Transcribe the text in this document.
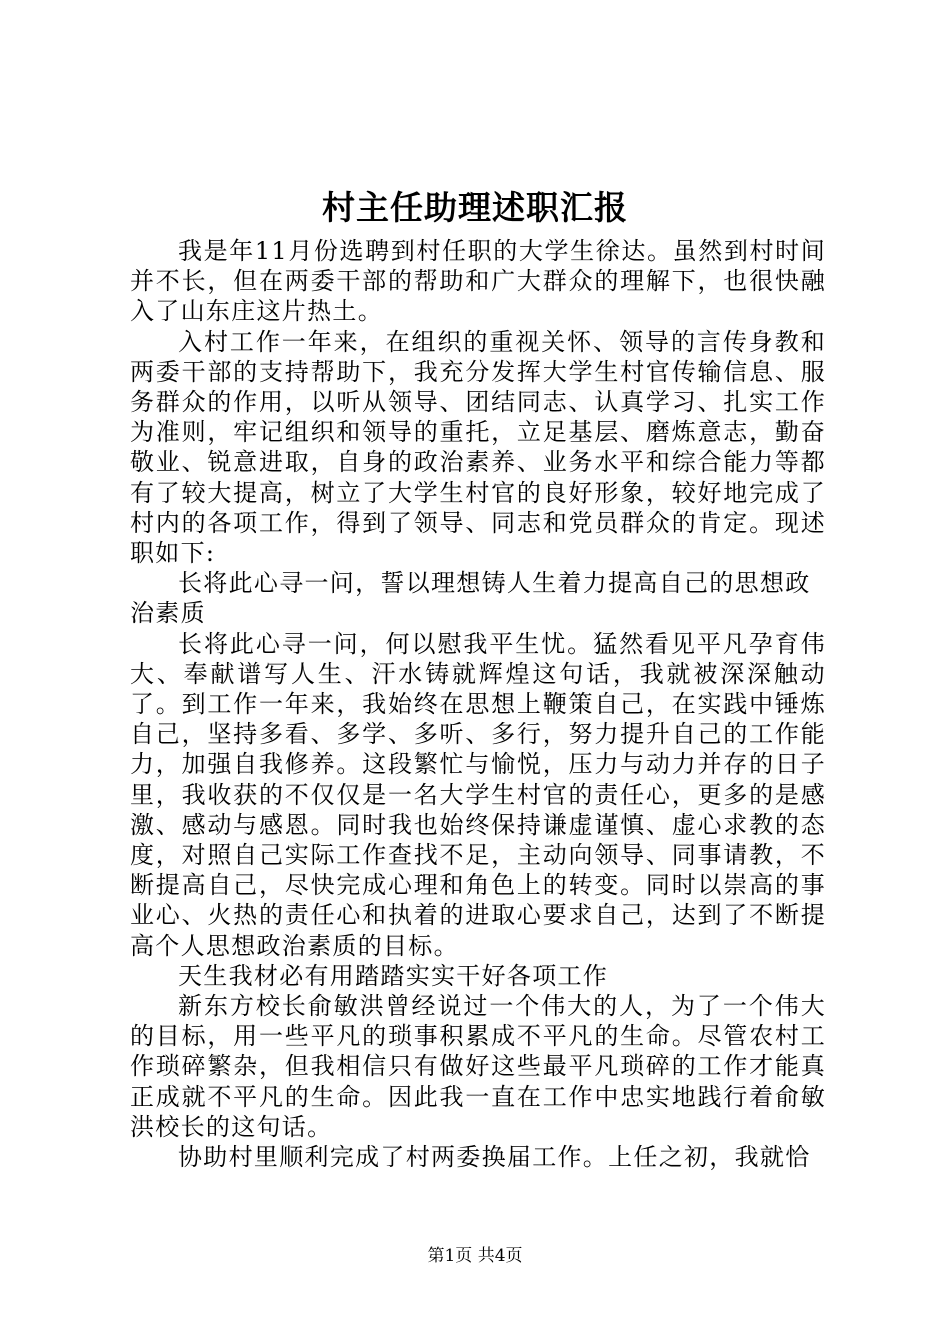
村主任助理述职汇报

我是年11月份选聘到村任职的大学生徐达。虽然到村时间并不长，但在两委干部的帮助和广大群众的理解下，也很快融入了山东庄这片热土。

入村工作一年来，在组织的重视关怀、领导的言传身教和两委干部的支持帮助下，我充分发挥大学生村官传输信息、服务群众的作用，以听从领导、团结同志、认真学习、扎实工作为准则，牢记组织和领导的重托，立足基层、磨炼意志，勤奋敬业、锐意进取，自身的政治素养、业务水平和综合能力等都有了较大提高，树立了大学生村官的良好形象，较好地完成了村内的各项工作，得到了领导、同志和党员群众的肯定。现述职如下:

长将此心寻一问，誓以理想铸人生着力提高自己的思想政治素质

长将此心寻一问，何以慰我平生忧。猛然看见平凡孕育伟大、奉献谱写人生、汗水铸就辉煌这句话，我就被深深触动了。到工作一年来，我始终在思想上鞭策自己，在实践中锤炼自己，坚持多看、多学、多听、多行，努力提升自己的工作能力，加强自我修养。这段繁忙与愉悦，压力与动力并存的日子里，我收获的不仅仅是一名大学生村官的责任心，更多的是感激、感动与感恩。同时我也始终保持谦虚谨慎、虚心求教的态度，对照自己实际工作查找不足，主动向领导、同事请教，不断提高自己，尽快完成心理和角色上的转变。同时以崇高的事业心、火热的责任心和执着的进取心要求自己，达到了不断提高个人思想政治素质的目标。

天生我材必有用踏踏实实干好各项工作

新东方校长俞敏洪曾经说过一个伟大的人，为了一个伟大的目标，用一些平凡的琐事积累成不平凡的生命。尽管农村工作琐碎繁杂，但我相信只有做好这些最平凡琐碎的工作才能真正成就不平凡的生命。因此我一直在工作中忠实地践行着俞敏洪校长的这句话。

协助村里顺利完成了村两委换届工作。上任之初，我就恰

第1页 共4页
